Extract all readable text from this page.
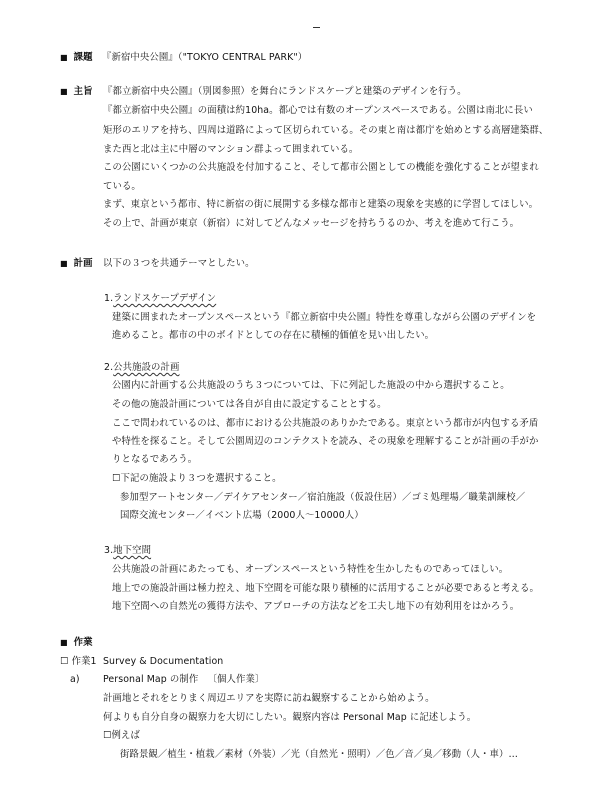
■ 課題 『新宿中央公園』（"TOKYO CENTRAL PARK"）
■ 主旨 『都立新宿中央公園』（別図参照）を舞台にランドスケープと建築のデザインを行う。
『都立新宿中央公園』の面積は約10ha。都心では有数のオープンスペースである。公園は南北に長い
矩形のエリアを持ち、四周は道路によって区切られている。その東と南は都庁を始めとする高層建築群、
また西と北は主に中層のマンション群よって囲まれている。
この公園にいくつかの公共施設を付加すること、そして都市公園としての機能を強化することが望まれ
ている。
まず、東京という都市、特に新宿の街に展開する多様な都市と建築の現象を実感的に学習してほしい。
その上で、計画が東京（新宿）に対してどんなメッセージを持ちうるのか、考えを進めて行こう。
■ 計画 以下の３つを共通テーマとしたい。
1.ランドスケープデザイン
建築に囲まれたオープンスペースという『都立新宿中央公園』特性を尊重しながら公園のデザインを
進めること。都市の中のボイドとしての存在に積極的価値を見い出したい。
2.公共施設の計画
公園内に計画する公共施設のうち３つについては、下に列記した施設の中から選択すること。
その他の施設計画については各自が自由に設定することとする。
ここで問われているのは、都市における公共施設のありかたである。東京という都市が内包する矛盾
や特性を探ること。そして公園周辺のコンテクストを読み、その現象を理解することが計画の手がか
りとなるであろう。
☐下記の施設より３つを選択すること。
参加型アートセンター／デイケアセンター／宿泊施設（仮設住居）／ゴミ処理場／職業訓練校／
国際交流センター／イベント広場（2000人〜10000人）
3.地下空間
公共施設の計画にあたっても、オープンスペースという特性を生かしたものであってほしい。
地上での施設計画は極力控え、地下空間を可能な限り積極的に活用することが必要であると考える。
地下空間への自然光の獲得方法や、アプローチの方法などを工夫し地下の有効利用をはかろう。
■ 作業
☐ 作業1 Survey & Documentation
a) Personal Map の制作 〔個人作業〕
計画地とそれをとりまく周辺エリアを実際に訪ね観察することから始めよう。
何よりも自分自身の観察力を大切にしたい。観察内容は Personal Map に記述しよう。
☐例えば
街路景観／植生・植栽／素材（外装）／光（自然光・照明）／色／音／臭／移動（人・車）…
